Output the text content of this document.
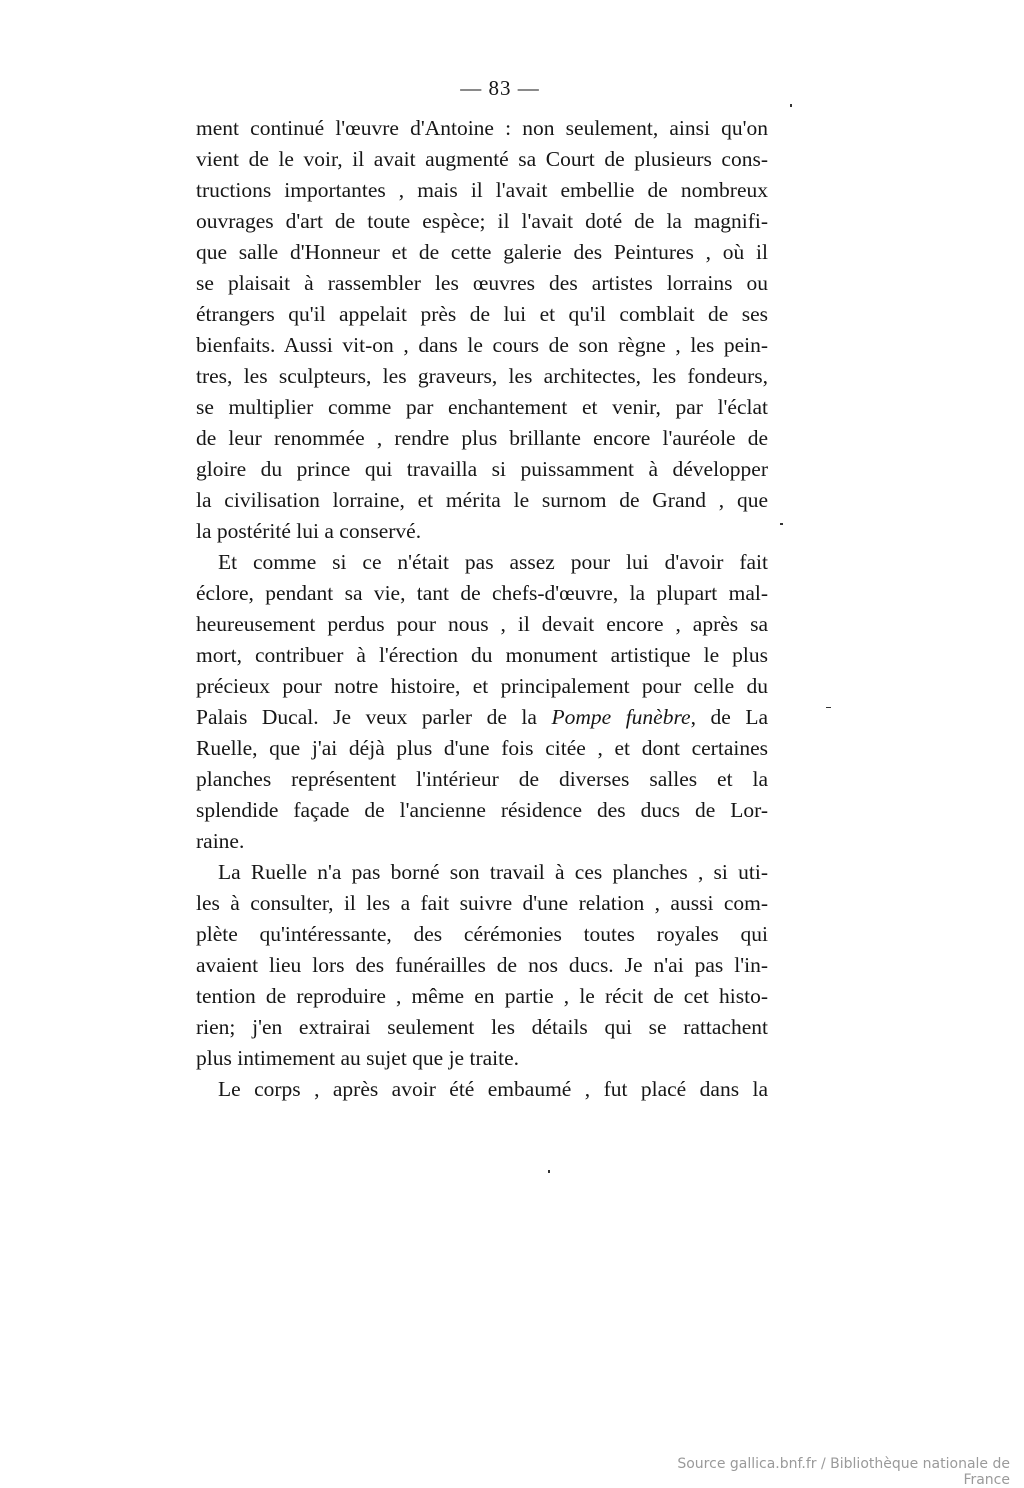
— 83 —
ment continué l'œuvre d'Antoine : non seulement, ainsi qu'on
vient de le voir, il avait augmenté sa Court de plusieurs cons-
tructions importantes , mais il l'avait embellie de nombreux
ouvrages d'art de toute espèce; il l'avait doté de la magnifi-
que salle d'Honneur et de cette galerie des Peintures , où il
se plaisait à rassembler les œuvres des artistes lorrains ou
étrangers qu'il appelait près de lui et qu'il comblait de ses
bienfaits. Aussi vit-on , dans le cours de son règne , les pein-
tres, les sculpteurs, les graveurs, les architectes, les fondeurs,
se multiplier comme par enchantement et venir, par l'éclat
de leur renommée , rendre plus brillante encore l'auréole de
gloire du prince qui travailla si puissamment à développer
la civilisation lorraine, et mérita le surnom de Grand , que
la postérité lui a conservé.
Et comme si ce n'était pas assez pour lui d'avoir fait
éclore, pendant sa vie, tant de chefs-d'œuvre, la plupart mal-
heureusement perdus pour nous , il devait encore , après sa
mort, contribuer à l'érection du monument artistique le plus
précieux pour notre histoire, et principalement pour celle du
Palais Ducal. Je veux parler de la Pompe funèbre, de La
Ruelle, que j'ai déjà plus d'une fois citée , et dont certaines
planches représentent l'intérieur de diverses salles et la
splendide façade de l'ancienne résidence des ducs de Lor-
raine.
La Ruelle n'a pas borné son travail à ces planches , si uti-
les à consulter, il les a fait suivre d'une relation , aussi com-
plète qu'intéressante, des cérémonies toutes royales qui
avaient lieu lors des funérailles de nos ducs. Je n'ai pas l'in-
tention de reproduire , même en partie , le récit de cet histo-
rien; j'en extrairai seulement les détails qui se rattachent
plus intimement au sujet que je traite.
Le corps , après avoir été embaumé , fut placé dans la
Source gallica.bnf.fr / Bibliothèque nationale de France
